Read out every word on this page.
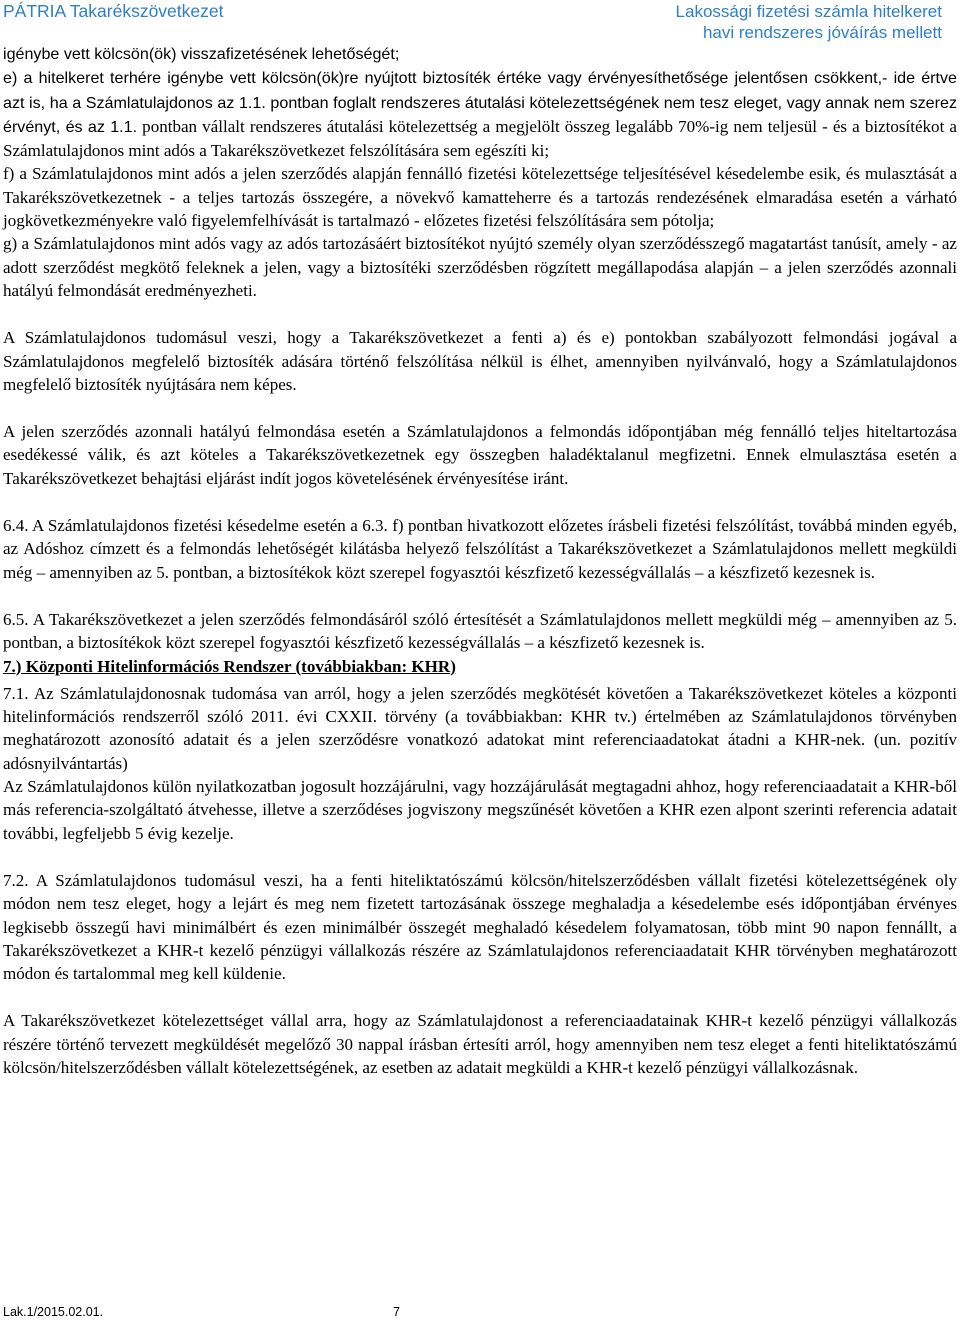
PÁTRIA Takarékszövetkezet	Lakossági fizetési számla hitelkeret
havi rendszeres jóváírás mellett

igénybe vett kölcsön(ök) visszafizetésének lehetőségét;

e) a hitelkeret terhére igénybe vett kölcsön(ök)re nyújtott biztosíték értéke vagy érvényesíthetősége jelentősen csökkent,- ide értve azt is, ha a Számlatulajdonos az 1.1. pontban foglalt rendszeres átutalási kötelezettségének nem tesz eleget, vagy annak nem szerez érvényt, és az 1.1. pontban vállalt rendszeres átutalási kötelezettség a megjelölt összeg legalább 70%-ig nem teljesül - és a biztosítékot a Számlatulajdonos mint adós a Takarékszövetkezet felszólítására sem egészíti ki;

f) a Számlatulajdonos mint adós a jelen szerződés alapján fennálló fizetési kötelezettsége teljesítésével késedelembe esik, és mulasztását a Takarékszövetkezetnek - a teljes tartozás összegére, a növekvő kamatteherre és a tartozás rendezésének elmaradása esetén a várható jogkövetkezményekre való figyelemfelhívását is tartalmazó - előzetes fizetési felszólítására sem pótolja;

g) a Számlatulajdonos mint adós vagy az adós tartozásáért biztosítékot nyújtó személy olyan szerződésszegő magatartást tanúsít, amely - az adott szerződést megkötő feleknek a jelen, vagy a biztosítéki szerződésben rögzített megállapodása alapján – a jelen szerződés azonnali hatályú felmondását eredményezheti.

A Számlatulajdonos tudomásul veszi, hogy a Takarékszövetkezet a fenti a) és e) pontokban szabályozott felmondási jogával a Számlatulajdonos megfelelő biztosíték adására történő felszólítása nélkül is élhet, amennyiben nyilvánvaló, hogy a Számlatulajdonos megfelelő biztosíték nyújtására nem képes.

A jelen szerződés azonnali hatályú felmondása esetén a Számlatulajdonos a felmondás időpontjában még fennálló teljes hiteltartozása esedékessé válik, és azt köteles a Takarékszövetkezetnek egy összegben haladéktalanul megfizetni. Ennek elmulasztása esetén a Takarékszövetkezet behajtási eljárást indít jogos követelésének érvényesítése iránt.

6.4. A Számlatulajdonos fizetési késedelme esetén a 6.3. f) pontban hivatkozott előzetes írásbeli fizetési felszólítást, továbbá minden egyéb, az Adóshoz címzett és a felmondás lehetőségét kilátásba helyező felszólítást a Takarékszövetkezet a Számlatulajdonos mellett megküldi még – amennyiben az 5. pontban, a biztosítékok közt szerepel fogyasztói készfizető kezességvállalás – a készfizető kezesnek is.

6.5. A Takarékszövetkezet a jelen szerződés felmondásáról szóló értesítését a Számlatulajdonos mellett megküldi még – amennyiben az 5. pontban, a biztosítékok közt szerepel fogyasztói készfizető kezességvállalás – a készfizető kezesnek is.

7.) Központi Hitelinformációs Rendszer (továbbiakban: KHR)

7.1. Az Számlatulajdonosnak tudomása van arról, hogy a jelen szerződés megkötését követően a Takarékszövetkezet köteles a központi hitelinformációs rendszerről szóló 2011. évi CXXII. törvény (a továbbiakban: KHR tv.) értelmében az Számlatulajdonos törvényben meghatározott azonosító adatait és a jelen szerződésre vonatkozó adatokat mint referenciaadatokat átadni a KHR-nek. (un. pozitív adósnyilvántartás)

Az Számlatulajdonos külön nyilatkozatban jogosult hozzájárulni, vagy hozzájárulását megtagadni ahhoz, hogy referenciaadatait a KHR-ből más referencia-szolgáltató átvehesse, illetve a szerződéses jogviszony megszűnését követően a KHR ezen alpont szerinti referencia adatait további, legfeljebb 5 évig kezelje.

7.2. A Számlatulajdonos tudomásul veszi, ha a fenti hiteliktatószámú kölcsön/hitelszerződésben vállalt fizetési kötelezettségének oly módon nem tesz eleget, hogy a lejárt és meg nem fizetett tartozásának összege meghaladja a késedelembe esés időpontjában érvényes legkisebb összegű havi minimálbért és ezen minimálbér összegét meghaladó késedelem folyamatosan, több mint 90 napon fennállt, a Takarékszövetkezet a KHR-t kezelő pénzügyi vállalkozás részére az Számlatulajdonos referenciaadatait KHR törvényben meghatározott módon és tartalommal meg kell küldenie.

A Takarékszövetkezet kötelezettséget vállal arra, hogy az Számlatulajdonost a referenciaadatainak KHR-t kezelő pénzügyi vállalkozás részére történő tervezett megküldését megelőző 30 nappal írásban értesíti arról, hogy amennyiben nem tesz eleget a fenti hiteliktatószámú kölcsön/hitelszerződésben vállalt kötelezettségének, az esetben az adatait megküldi a KHR-t kezelő pénzügyi vállalkozásnak.

Lak.1/2015.02.01.	7
